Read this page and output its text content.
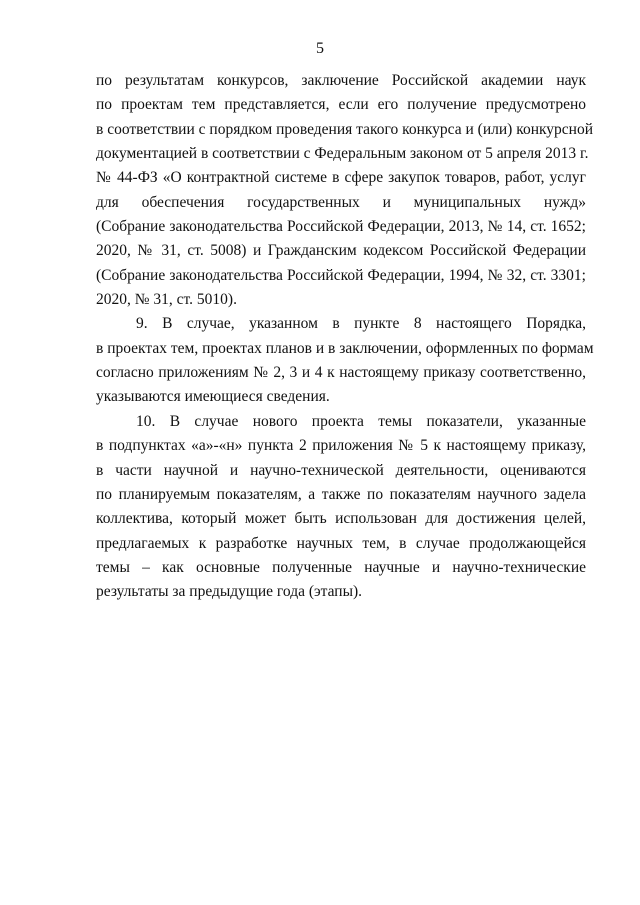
5
по результатам конкурсов, заключение Российской академии наук
по проектам тем представляется, если его получение предусмотрено
в соответствии с порядком проведения такого конкурса и (или) конкурсной
документацией в соответствии с Федеральным законом от 5 апреля 2013 г.
№ 44-ФЗ «О контрактной системе в сфере закупок товаров, работ, услуг
для обеспечения государственных и муниципальных нужд»
(Собрание законодательства Российской Федерации, 2013, № 14, ст. 1652;
2020, № 31, ст. 5008) и Гражданским кодексом Российской Федерации
(Собрание законодательства Российской Федерации, 1994, № 32, ст. 3301;
2020, № 31, ст. 5010).
9. В случае, указанном в пункте 8 настоящего Порядка,
в проектах тем, проектах планов и в заключении, оформленных по формам
согласно приложениям № 2, 3 и 4 к настоящему приказу соответственно,
указываются имеющиеся сведения.
10. В случае нового проекта темы показатели, указанные
в подпунктах «а»-«н» пункта 2 приложения № 5 к настоящему приказу,
в части научной и научно-технической деятельности, оцениваются
по планируемым показателям, а также по показателям научного задела
коллектива, который может быть использован для достижения целей,
предлагаемых к разработке научных тем, в случае продолжающейся
темы – как основные полученные научные и научно-технические
результаты за предыдущие года (этапы).
